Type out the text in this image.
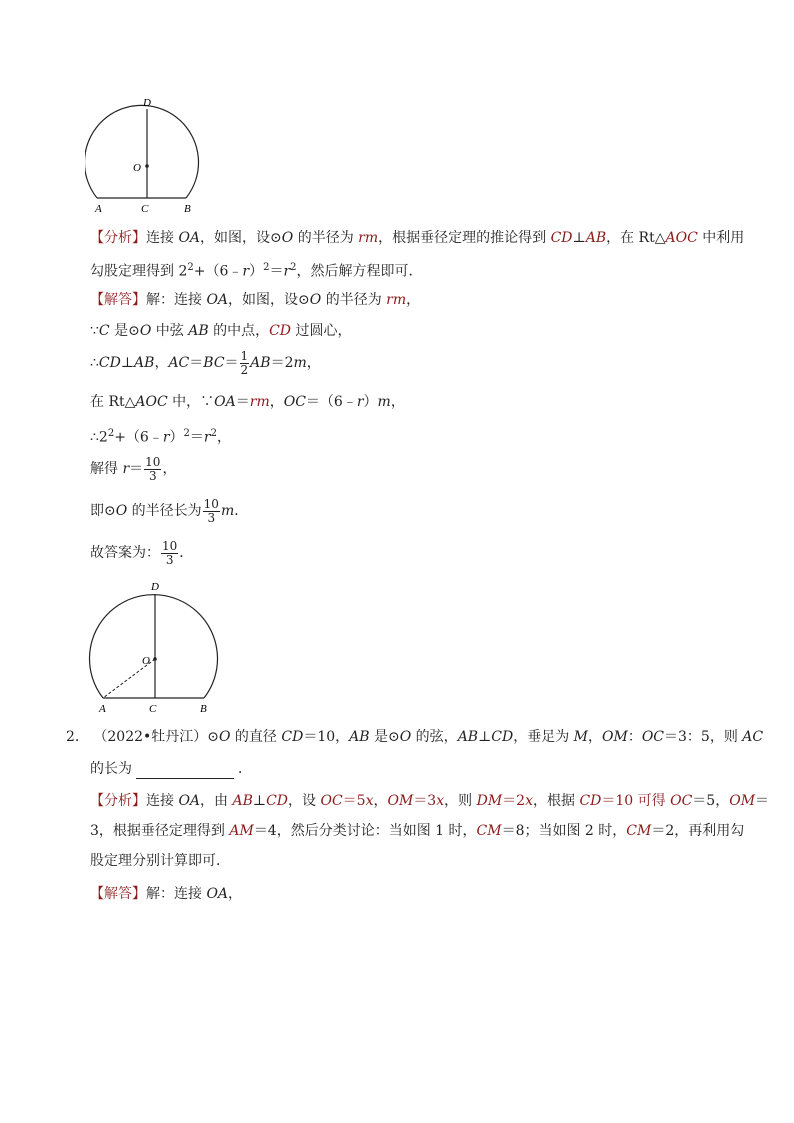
D
O
A	C	B
【分析】连接 OA，如图，设⊙O 的半径为 rm，根据垂径定理的推论得到 CD⊥AB，在 Rt△AOC 中利用
勾股定理得到 $2^2+(6﹣r)^2=r^2$，然后解方程即可．
【解答】解：连接 OA，如图，设⊙O 的半径为 rm，
∵C 是⊙O 中弦 AB 的中点，CD 过圆心，
∴CD⊥AB，$AC=BC= \frac{1}{2} AB=2m$，
在 Rt△AOC 中，∵OA＝rm，OC＝（6﹣r）m，
$\therefore 2^2+(6﹣r)^2=r^2$，
解得 $r= \frac{10}{3}$ ，
即⊙O 的半径长为 $\frac{10}{3}$ m．
故答案为： $\frac{10}{3}$ ．
D
O
A	C	B
2． （2022•牡丹江）⊙O 的直径 CD＝10，AB 是⊙O 的弦，AB⊥CD，垂足为 M，OM：OC＝3：5，则 AC
的长为	．
【分析】连接 OA，由 AB⊥CD，设 OC＝5x，OM＝3x，则 DM＝2x，根据 CD＝10 可得 OC＝5，OM＝
3，根据垂径定理得到 AM＝4，然后分类讨论：当如图 1 时，CM＝8；当如图 2 时，CM＝2，再利用勾
股定理分别计算即可．
【解答】解：连接 OA，
